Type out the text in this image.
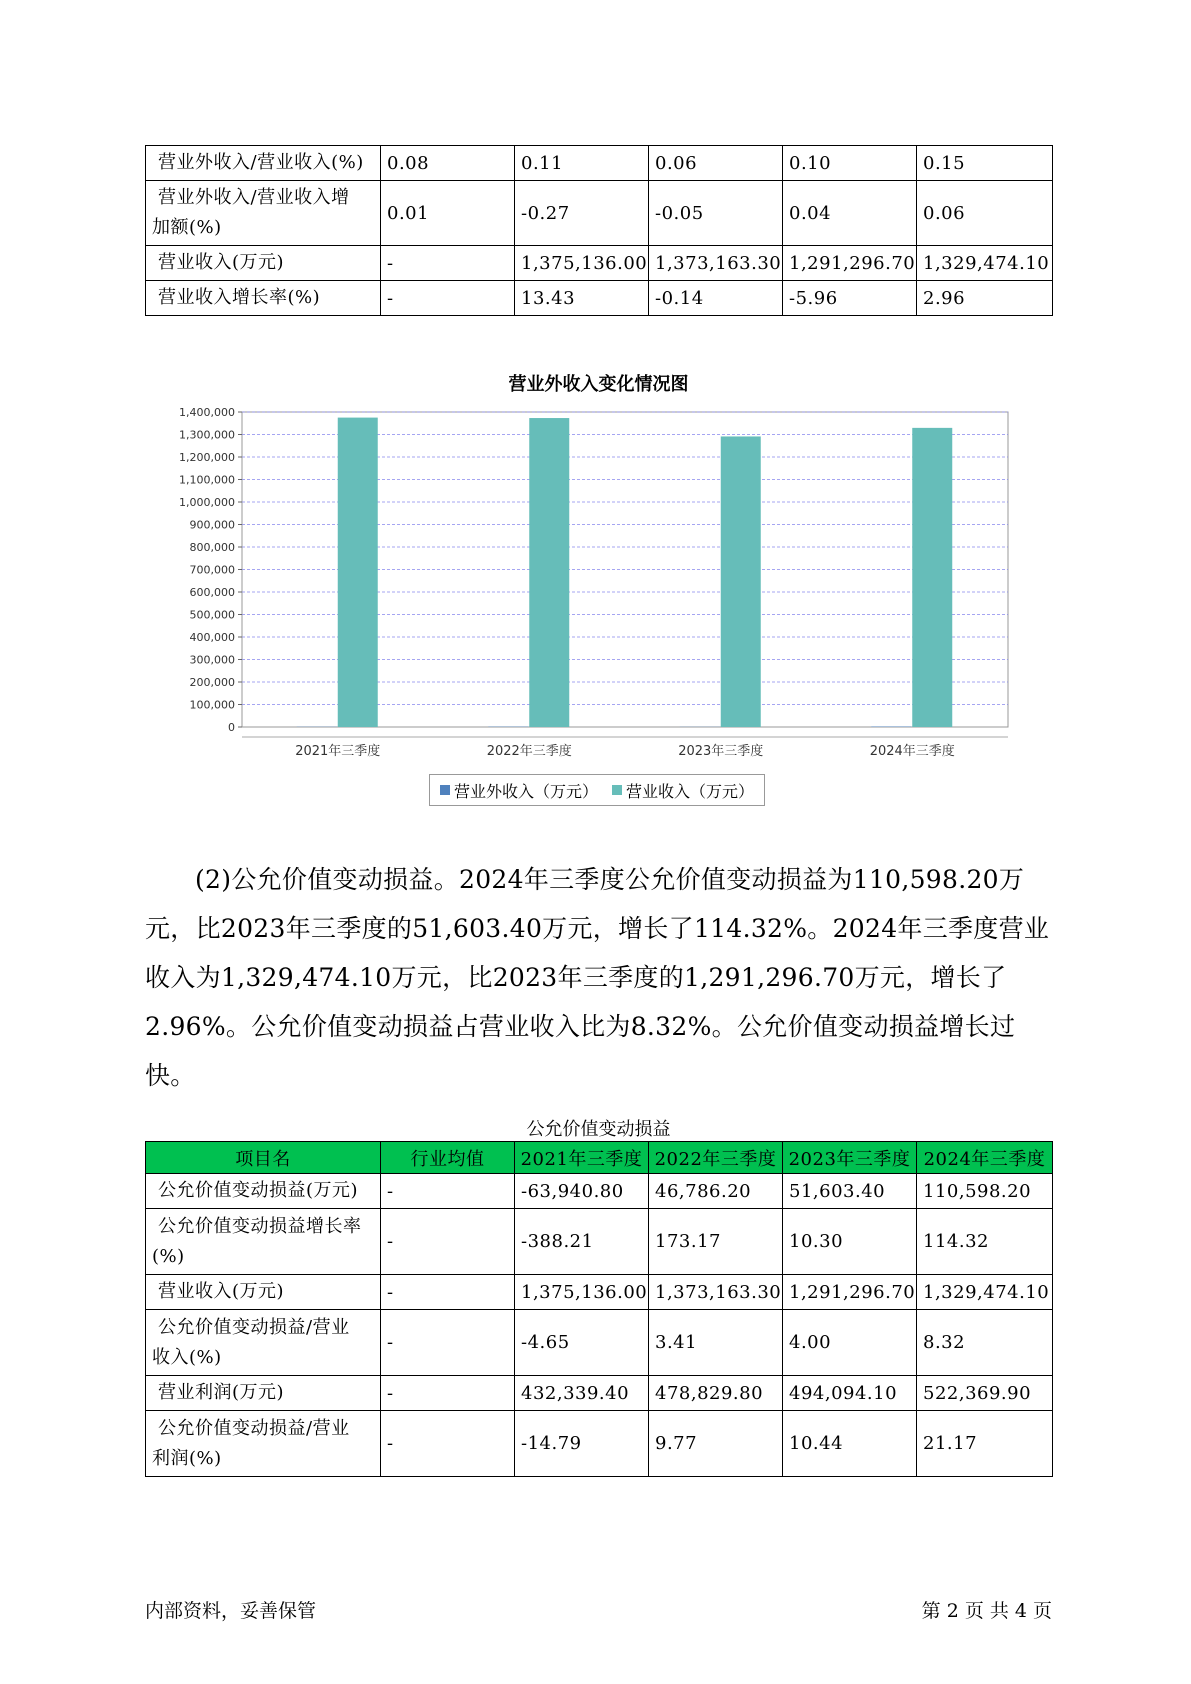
营业外收入/营业收入(%)	0.08	0.11	0.06	0.10	0.15

营业外收入/营业收入增
加额(%)	0.01	-0.27	-0.05	0.04	0.06

营业收入(万元)	-	1,375,136.00	1,373,163.30	1,291,296.70	1,329,474.10

营业收入增长率(%)	-	13.43	-0.14	-5.96	2.96
0
100,000
200,000
300,000
400,000
500,000
600,000
700,000
800,000
900,000
1,000,000
1,100,000
1,200,000
1,300,000
1,400,000
2021年三季度	2022年三季度	2023年三季度	2024年三季度
营业外收入变化情况图
营业外收入（万元） 营业收入（万元）

(2)公允价值变动损益。2024年三季度公允价值变动损益为110,598.20万元，比2023年三季度的51,603.40万元，增长了114.32%。2024年三季度营业收入为1,329,474.10万元，比2023年三季度的1,291,296.70万元，增长了2.96%。公允价值变动损益占营业收入比为8.32%。公允价值变动损益增长过快。

公允价值变动损益
项目名	行业均值	2021年三季度	2022年三季度	2023年三季度	2024年三季度

公允价值变动损益(万元)	-	-63,940.80	46,786.20	51,603.40	110,598.20

公允价值变动损益增长率
(%)	-	-388.21	173.17	10.30	114.32

营业收入(万元)	-	1,375,136.00	1,373,163.30	1,291,296.70	1,329,474.10

公允价值变动损益/营业
收入(%)	-	-4.65	3.41	4.00	8.32

营业利润(万元)	-	432,339.40	478,829.80	494,094.10	522,369.90

公允价值变动损益/营业
利润(%)	-	-14.79	9.77	10.44	21.17
内部资料，妥善保管	第 2 页 共 4 页
